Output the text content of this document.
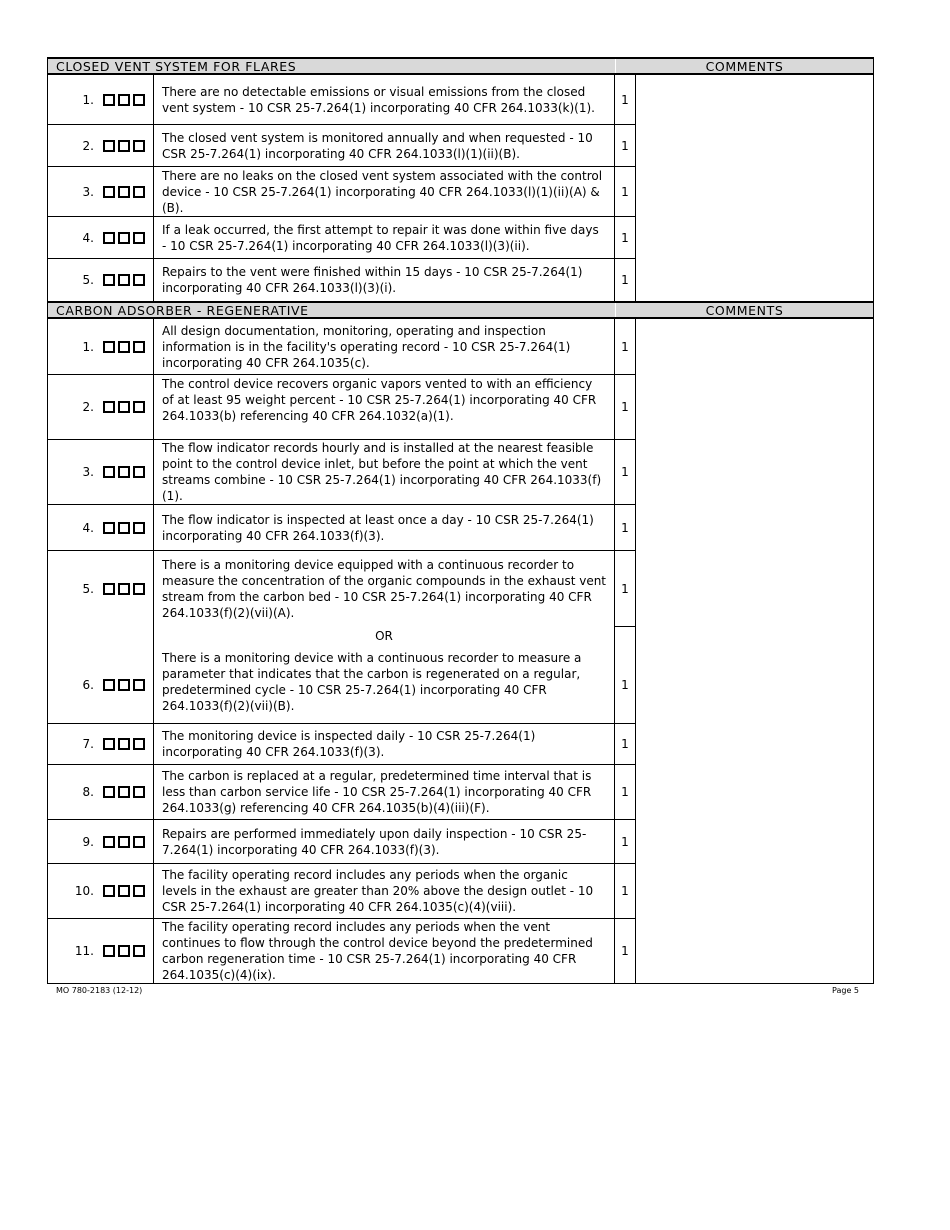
CLOSED VENT SYSTEM FOR FLARES	COMMENTS
1.
There are no detectable emissions or visual emissions from the closed vent system - 10 CSR 25-7.264(1) incorporating 40 CFR 264.1033(k)(1).
1
2.
The closed vent system is monitored annually and when requested - 10 CSR 25-7.264(1) incorporating 40 CFR 264.1033(l)(1)(ii)(B).
1
3.
There are no leaks on the closed vent system associated with the control device - 10 CSR 25-7.264(1) incorporating 40 CFR 264.1033(l)(1)(ii)(A) & (B).
1
4.
If a leak occurred, the first attempt to repair it was done within five days - 10 CSR 25-7.264(1) incorporating 40 CFR 264.1033(l)(3)(ii).
1
5.
Repairs to the vent were finished within 15 days - 10 CSR 25-7.264(1) incorporating 40 CFR 264.1033(l)(3)(i).
1
CARBON ADSORBER - REGENERATIVE	COMMENTS
1.
All design documentation, monitoring, operating and inspection information is in the facility's operating record - 10 CSR 25-7.264(1) incorporating 40 CFR 264.1035(c).
1
2.
The control device recovers organic vapors vented to with an efficiency of at least 95 weight percent - 10 CSR 25-7.264(1) incorporating 40 CFR 264.1033(b) referencing 40 CFR 264.1032(a)(1).
1
3.
The flow indicator records hourly and is installed at the nearest feasible point to the control device inlet, but before the point at which the vent streams combine - 10 CSR 25-7.264(1) incorporating 40 CFR 264.1033(f)(1).
1
4.
The flow indicator is inspected at least once a day - 10 CSR 25-7.264(1) incorporating 40 CFR 264.1033(f)(3).
1
5.
There is a monitoring device equipped with a continuous recorder to measure the concentration of the organic compounds in the exhaust vent stream from the carbon bed - 10 CSR 25-7.264(1) incorporating 40 CFR 264.1033(f)(2)(vii)(A).
1
OR
6.
There is a monitoring device with a continuous recorder to measure a parameter that indicates that the carbon is regenerated on a regular, predetermined cycle - 10 CSR 25-7.264(1) incorporating 40 CFR 264.1033(f)(2)(vii)(B).
1
7.
The monitoring device is inspected daily - 10 CSR 25-7.264(1) incorporating 40 CFR 264.1033(f)(3).
1
8.
The carbon is replaced at a regular, predetermined time interval that is less than carbon service life - 10 CSR 25-7.264(1) incorporating 40 CFR 264.1033(g) referencing 40 CFR 264.1035(b)(4)(iii)(F).
1
9.
Repairs are performed immediately upon daily inspection - 10 CSR 25-7.264(1) incorporating 40 CFR 264.1033(f)(3).
1
10.
The facility operating record includes any periods when the organic levels in the exhaust are greater than 20% above the design outlet - 10 CSR 25-7.264(1) incorporating 40 CFR 264.1035(c)(4)(viii).
1
11.
The facility operating record includes any periods when the vent continues to flow through the control device beyond the predetermined carbon regeneration time - 10 CSR 25-7.264(1) incorporating 40 CFR 264.1035(c)(4)(ix).
1
MO 780-2183 (12-12)	Page 5
